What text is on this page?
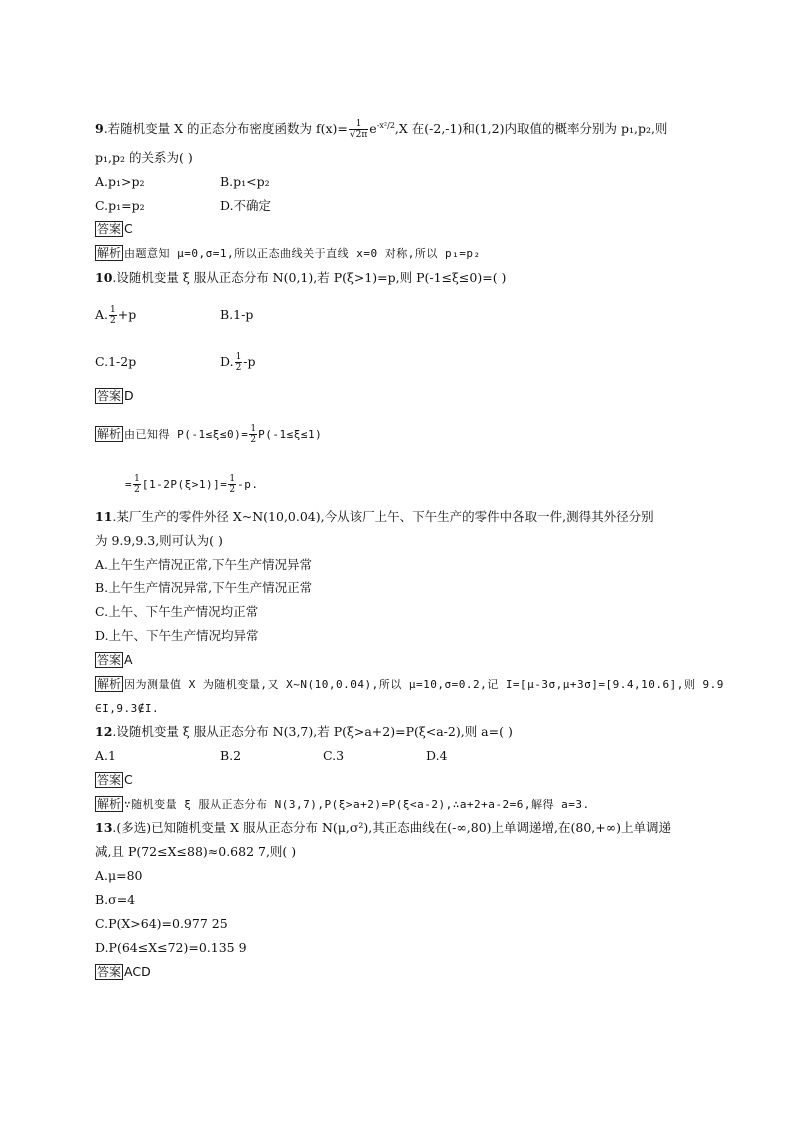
9.若随机变量 X 的正态分布密度函数为 $f(x)= \frac{1}{√2\pi} e^{-x^2/2},X$ 在(-2,-1)和(1,2)内取值的概率分别为 p₁,p₂,则
p₁,p₂ 的关系为( )
A.p₁>p₂	B.p₁<p₂
C.p₁=p₂	D.不确定
答案 C
解析 由题意知 μ=0,σ=1,所以正态曲线关于直线 x=0 对称,所以 p₁=p₂
10.设随机变量 ξ 服从正态分布 N(0,1),若 P(ξ>1)=p,则 P(-1≤ξ≤0)=( )
A. $\frac{1}{2} +p$	B.1-p
C.1-2p	D. $\frac{1}{2} -p$
答案 D
解析 由已知得 $P(-1\le\xi\le 0)= \frac{1}{2} P(-1\le\xi\le 1)$
= $\frac{1}{2} [1-2P(\xi>1)]= \frac{1}{2} -p$.
11.某厂生产的零件外径 X~N(10,0.04),今从该厂上午、下午生产的零件中各取一件,测得其外径分别
为 9.9,9.3,则可认为( )
A.上午生产情况正常,下午生产情况异常
B.上午生产情况异常,下午生产情况正常
C.上午、下午生产情况均正常
D.上午、下午生产情况均异常
答案 A
解析 因为测量值 X 为随机变量,又 X~N(10,0.04),所以 μ=10,σ=0.2,记 I=[μ-3σ,μ+3σ]=[9.4,10.6],则 9.9
∈I,9.3∉I.
12.设随机变量 ξ 服从正态分布 N(3,7),若 P(ξ>a+2)=P(ξ<a-2),则 a=( )
A.1	B.2	C.3	D.4
答案 C
解析 ∵随机变量 ξ 服从正态分布 N(3,7),P(ξ>a+2)=P(ξ<a-2),∴a+2+a-2=6,解得 a=3.
13.(多选)已知随机变量 X 服从正态分布 N(μ,σ²),其正态曲线在(-∞,80)上单调递增,在(80,+∞)上单调递
减,且 P(72≤X≤88)≈0.682 7,则( )
A.μ=80
B.σ=4
C.P(X>64)=0.977 25
D.P(64≤X≤72)=0.135 9
答案 ACD
